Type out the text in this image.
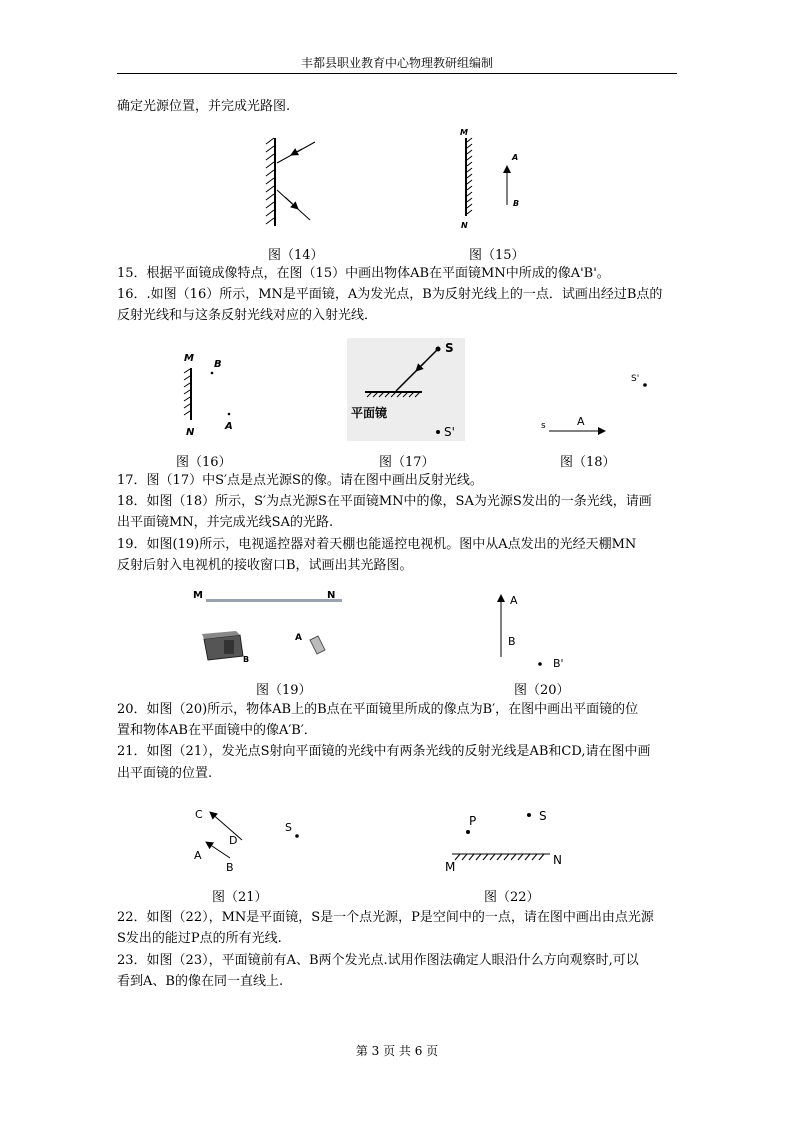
丰都县职业教育中心物理教研组编制
确定光源位置，并完成光路图.
M
N
A
B
M
N
B
A
S
平面镜
S'
S'
s	A
M	N
B
A
A
B
B'
C
D
A
B
S	P	S
M	N
图（14）	图（15）
15．根据平面镜成像特点，在图（15）中画出物体AB在平面镜MN中所成的像A'B'。
16．.如图（16）所示，MN是平面镜，A为发光点，B为反射光线上的一点．试画出经过B点的
反射光线和与这条反射光线对应的入射光线．
图（16）	图（17）	图（18）
17．图（17）中S′点是点光源S的像。请在图中画出反射光线。
18．如图（18）所示，S′为点光源S在平面镜MN中的像，SA为光源S发出的一条光线，请画
出平面镜MN，并完成光线SA的光路.
19．如图(19)所示，电视遥控器对着天棚也能遥控电视机。图中从A点发出的光经天棚MN
反射后射入电视机的接收窗口B，试画出其光路图。
图（19）	图（20）
20．如图（20)所示，物体AB上的B点在平面镜里所成的像点为B′，在图中画出平面镜的位
置和物体AB在平面镜中的像A′B′．
21．如图（21），发光点S射向平面镜的光线中有两条光线的反射光线是AB和CD,请在图中画
出平面镜的位置.
图（21）	图（22）
22．如图（22），MN是平面镜，S是一个点光源，P是空间中的一点，请在图中画出由点光源
S发出的能过P点的所有光线.
23．如图（23），平面镜前有A、B两个发光点.试用作图法确定人眼沿什么方向观察时,可以
看到A、B的像在同一直线上.
第 3 页 共 6 页
